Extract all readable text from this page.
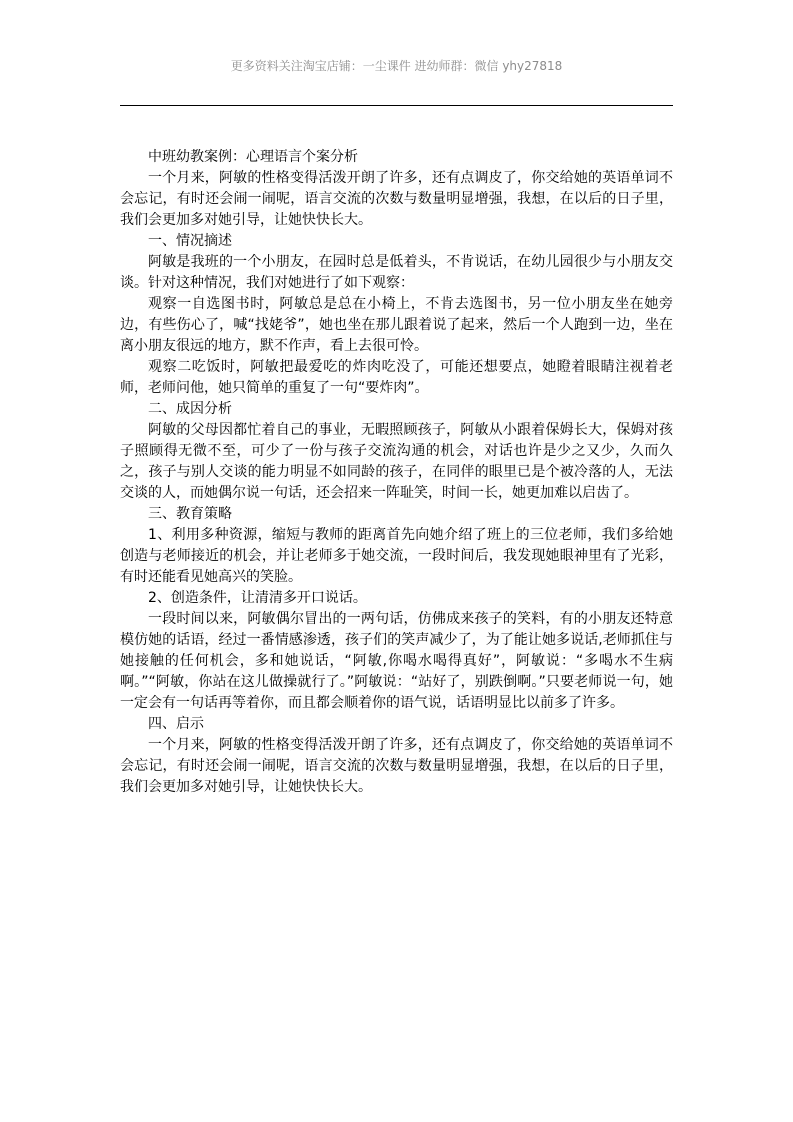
更多资料关注淘宝店铺：一尘课件 进幼师群：微信 yhy27818

中班幼教案例：心理语言个案分析

一个月来，阿敏的性格变得活泼开朗了许多，还有点调皮了，你交给她的英语单词不会忘记，有时还会闹一闹呢，语言交流的次数与数量明显增强，我想，在以后的日子里，我们会更加多对她引导，让她快快长大。

一、情况摘述

阿敏是我班的一个小朋友，在园时总是低着头，不肯说话，在幼儿园很少与小朋友交谈。针对这种情况，我们对她进行了如下观察：

观察一自选图书时，阿敏总是总在小椅上，不肯去选图书，另一位小朋友坐在她旁边，有些伤心了，喊“找姥爷”，她也坐在那儿跟着说了起来，然后一个人跑到一边，坐在离小朋友很远的地方，默不作声，看上去很可怜。

观察二吃饭时，阿敏把最爱吃的炸肉吃没了，可能还想要点，她瞪着眼睛注视着老师，老师问他，她只简单的重复了一句“要炸肉”。

二、成因分析

阿敏的父母因都忙着自己的事业，无暇照顾孩子，阿敏从小跟着保姆长大，保姆对孩子照顾得无微不至，可少了一份与孩子交流沟通的机会，对话也许是少之又少，久而久之，孩子与别人交谈的能力明显不如同龄的孩子，在同伴的眼里已是个被冷落的人，无法交谈的人，而她偶尔说一句话，还会招来一阵耻笑，时间一长，她更加难以启齿了。

三、教育策略

1、利用多种资源，缩短与教师的距离首先向她介绍了班上的三位老师，我们多给她创造与老师接近的机会，并让老师多于她交流，一段时间后，我发现她眼神里有了光彩，有时还能看见她高兴的笑脸。

2、创造条件，让清清多开口说话。

一段时间以来，阿敏偶尔冒出的一两句话，仿佛成来孩子的笑料，有的小朋友还特意模仿她的话语，经过一番情感渗透，孩子们的笑声减少了，为了能让她多说话,老师抓住与她接触的任何机会，多和她说话，“阿敏,你喝水喝得真好”，阿敏说：“多喝水不生病啊。”“阿敏，你站在这儿做操就行了。”阿敏说：“站好了，别跌倒啊。”只要老师说一句，她一定会有一句话再等着你，而且都会顺着你的语气说，话语明显比以前多了许多。

四、启示

一个月来，阿敏的性格变得活泼开朗了许多，还有点调皮了，你交给她的英语单词不会忘记，有时还会闹一闹呢，语言交流的次数与数量明显增强，我想，在以后的日子里，我们会更加多对她引导，让她快快长大。
